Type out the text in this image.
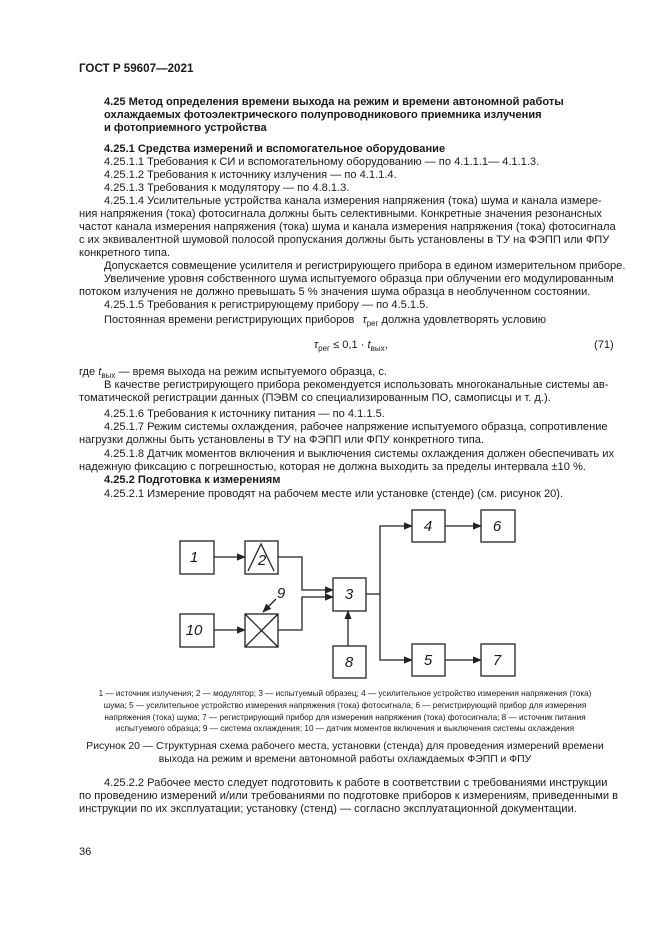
ГОСТ Р 59607—2021
4.25 Метод определения времени выхода на режим и времени автономной работы
охлаждаемых фотоэлектрического полупроводникового приемника излучения
и фотоприемного устройства
4.25.1 Средства измерений и вспомогательное оборудование
4.25.1.1 Требования к СИ и вспомогательному оборудованию — по 4.1.1.1— 4.1.1.3.
4.25.1.2 Требования к источнику излучения — по 4.1.1.4.
4.25.1.3 Требования к модулятору — по 4.8.1.3.
4.25.1.4 Усилительные устройства канала измерения напряжения (тока) шума и канала измере-
ния напряжения (тока) фотосигнала должны быть селективными. Конкретные значения резонансных
частот канала измерения напряжения (тока) шума и канала измерения напряжения (тока) фотосигнала
с их эквивалентной шумовой полосой пропускания должны быть установлены в ТУ на ФЭПП или ФПУ
конкретного типа.
Допускается совмещение усилителя и регистрирующего прибора в едином измерительном приборе.
Увеличение уровня собственного шума испытуемого образца при облучении его модулированным
потоком излучения не должно превышать 5 % значения шума образца в необлученном состоянии.
4.25.1.5 Требования к регистрирующему прибору — по 4.5.1.5.
Постоянная времени регистрирующих приборов $\tau_{рег}$ должна удовлетворять условию
$\tau_{рег} \le 0,1 \cdot t_{вых}$,	(71)
где $t_{вых}$ — время выхода на режим испытуемого образца, с.
В качестве регистрирующего прибора рекомендуется использовать многоканальные системы ав-
томатической регистрации данных (ПЭВМ со специализированным ПО, самописцы и т. д.).
4.25.1.6 Требования к источнику питания — по 4.1.1.5.
4.25.1.7 Режим системы охлаждения, рабочее напряжение испытуемого образца, сопротивление
нагрузки должны быть установлены в ТУ на ФЭПП или ФПУ конкретного типа.
4.25.1.8 Датчик моментов включения и выключения системы охлаждения должен обеспечивать их
надежную фиксацию с погрешностью, которая не должна выходить за пределы интервала ±10 %.
4.25.2 Подготовка к измерениям
4.25.2.1 Измерение проводят на рабочем месте или установке (стенде) (см. рисунок 20).
1	2
3
4	6
5	7
8
9
10
1 — источник излучения; 2 — модулятор; 3 — испытуемый образец; 4 — усилительное устройство измерения напряжения (тока)
шума; 5 — усилительное устройство измерения напряжения (тока) фотосигнала; 6 — регистрирующий прибор для измерения
напряжения (тока) шума; 7 — регистрирующий прибор для измерения напряжения (тока) фотосигнала; 8 — источник питания
испытуемого образца; 9 — система охлаждения; 10 — датчик моментов включения и выключения системы охлаждения
Рисунок 20 — Структурная схема рабочего места, установки (стенда) для проведения измерений времени
выхода на режим и времени автономной работы охлаждаемых ФЭПП и ФПУ
4.25.2.2 Рабочее место следует подготовить к работе в соответствии с требованиями инструкции
по проведению измерений и/или требованиями по подготовке приборов к измерениям, приведенными в
инструкции по их эксплуатации; установку (стенд) — согласно эксплуатационной документации.
36
